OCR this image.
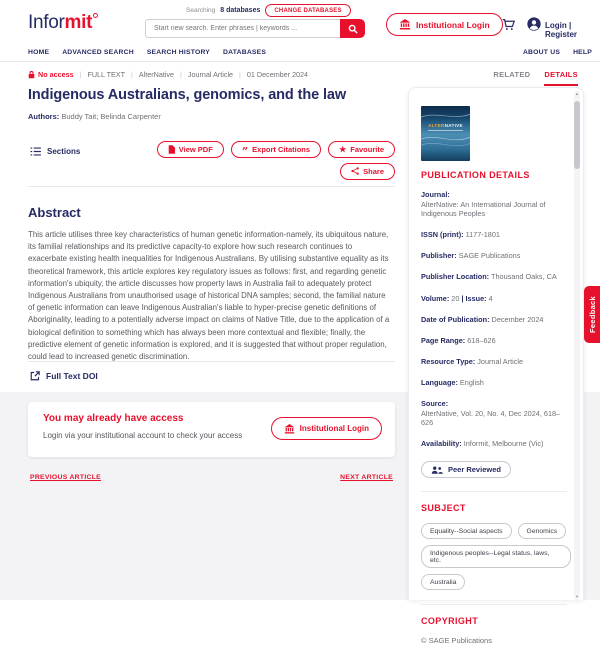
Informit
Searching 8 databases	CHANGE DATABASES
Start new search. Enter phrases | keywords ...
Institutional Login	Login | Register
HOME ADVANCED SEARCH SEARCH HISTORY DATABASES	ABOUT US HELP
No access | FULL TEXT | AlterNative | Journal Article | 01 December 2024	RELATED DETAILS
Indigenous Australians, genomics, and the law
Authors: Buddy Tait; Belinda Carpenter
Sections	View PDF	” Export Citations	★ Favourite
Share
Abstract

This article utilises three key characteristics of human genetic information-namely, its ubiquitous nature, its familial relationships and its predictive capacity-to explore how such research continues to exacerbate existing health inequalities for Indigenous Australians. By utilising substantive equality as its theoretical framework, this article explores key regulatory issues as follows: first, and regarding genetic information's ubiquity, the article discusses how property laws in Australia fail to adequately protect Indigenous Australians from unauthorised usage of historical DNA samples; second, the familial nature of genetic information can leave Indigenous Australian's liable to hyper-precise genetic definitions of Aboriginality, leading to a potentially adverse impact on claims of Native Title, due to the application of a biological definition to something which has always been more contextual and flexible; finally, the predictive element of genetic information is explored, and it is suggested that without proper regulation, could lead to increased genetic discrimination.

Full Text DOI
You may already have access
Login via your institutional account to check your access
Institutional Login
PREVIOUS ARTICLE	NEXT ARTICLE
ALTERNATIVE
PUBLICATION DETAILS
Journal:
AlterNative: An International Journal of Indigenous Peoples
ISSN (print): 1177-1801
Publisher: SAGE Publications
Publisher Location: Thousand Oaks, CA
Volume: 20 | Issue: 4
Date of Publication: December 2024
Page Range: 618–626
Resource Type: Journal Article
Language: English
Source:
AlterNative, Vol. 20, No. 4, Dec 2024, 618–626
Availability: Informit, Melbourne (Vic)
Peer Reviewed
SUBJECT
Equality--Social aspects	Genomics
Indigenous peoples--Legal status, laws, etc.
Australia
COPYRIGHT
© SAGE Publications
▲
▼
Feedback
